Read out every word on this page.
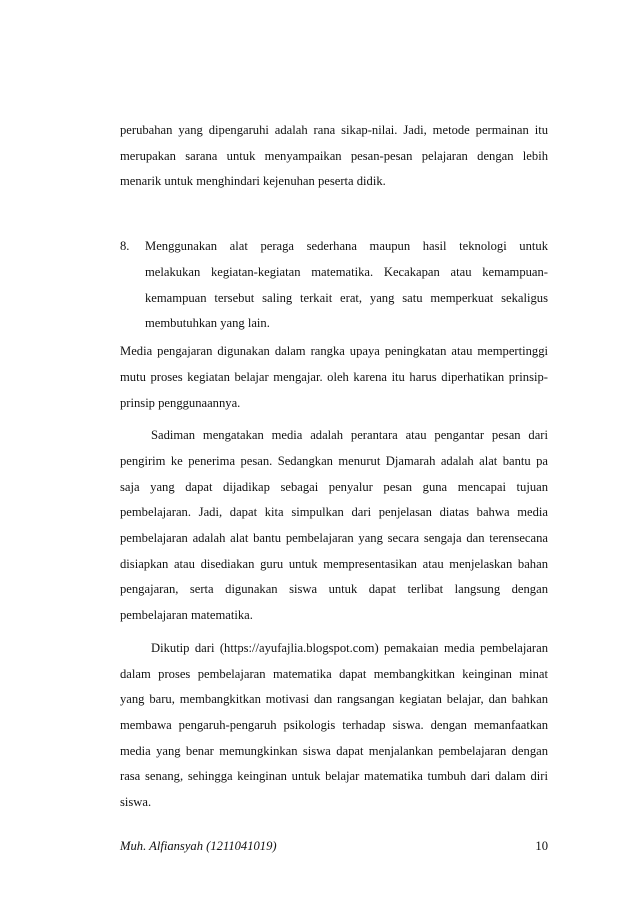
perubahan yang dipengaruhi adalah rana sikap-nilai. Jadi, metode permainan itu
merupakan sarana untuk menyampaikan pesan-pesan pelajaran dengan lebih
menarik untuk menghindari kejenuhan peserta didik.
8. Menggunakan alat peraga sederhana maupun hasil teknologi untuk
melakukan kegiatan-kegiatan matematika. Kecakapan atau kemampuan-
kemampuan tersebut saling terkait erat, yang satu memperkuat sekaligus
membutuhkan yang lain.
Media pengajaran digunakan dalam rangka upaya peningkatan atau mempertinggi
mutu proses kegiatan belajar mengajar. oleh karena itu harus diperhatikan prinsip-
prinsip penggunaannya.
Sadiman mengatakan media adalah perantara atau pengantar pesan dari
pengirim ke penerima pesan. Sedangkan menurut Djamarah adalah alat bantu pa
saja yang dapat dijadikap sebagai penyalur pesan guna mencapai tujuan
pembelajaran. Jadi, dapat kita simpulkan dari penjelasan diatas bahwa media
pembelajaran adalah alat bantu pembelajaran yang secara sengaja dan terensecana
disiapkan atau disediakan guru untuk mempresentasikan atau menjelaskan bahan
pengajaran, serta digunakan siswa untuk dapat terlibat langsung dengan
pembelajaran matematika.
Dikutip dari (https://ayufajlia.blogspot.com) pemakaian media pembelajaran
dalam proses pembelajaran matematika dapat membangkitkan keinginan minat
yang baru, membangkitkan motivasi dan rangsangan kegiatan belajar, dan bahkan
membawa pengaruh-pengaruh psikologis terhadap siswa. dengan memanfaatkan
media yang benar memungkinkan siswa dapat menjalankan pembelajaran dengan
rasa senang, sehingga keinginan untuk belajar matematika tumbuh dari dalam diri
siswa.
Muh. Alfiansyah (1211041019)	10
